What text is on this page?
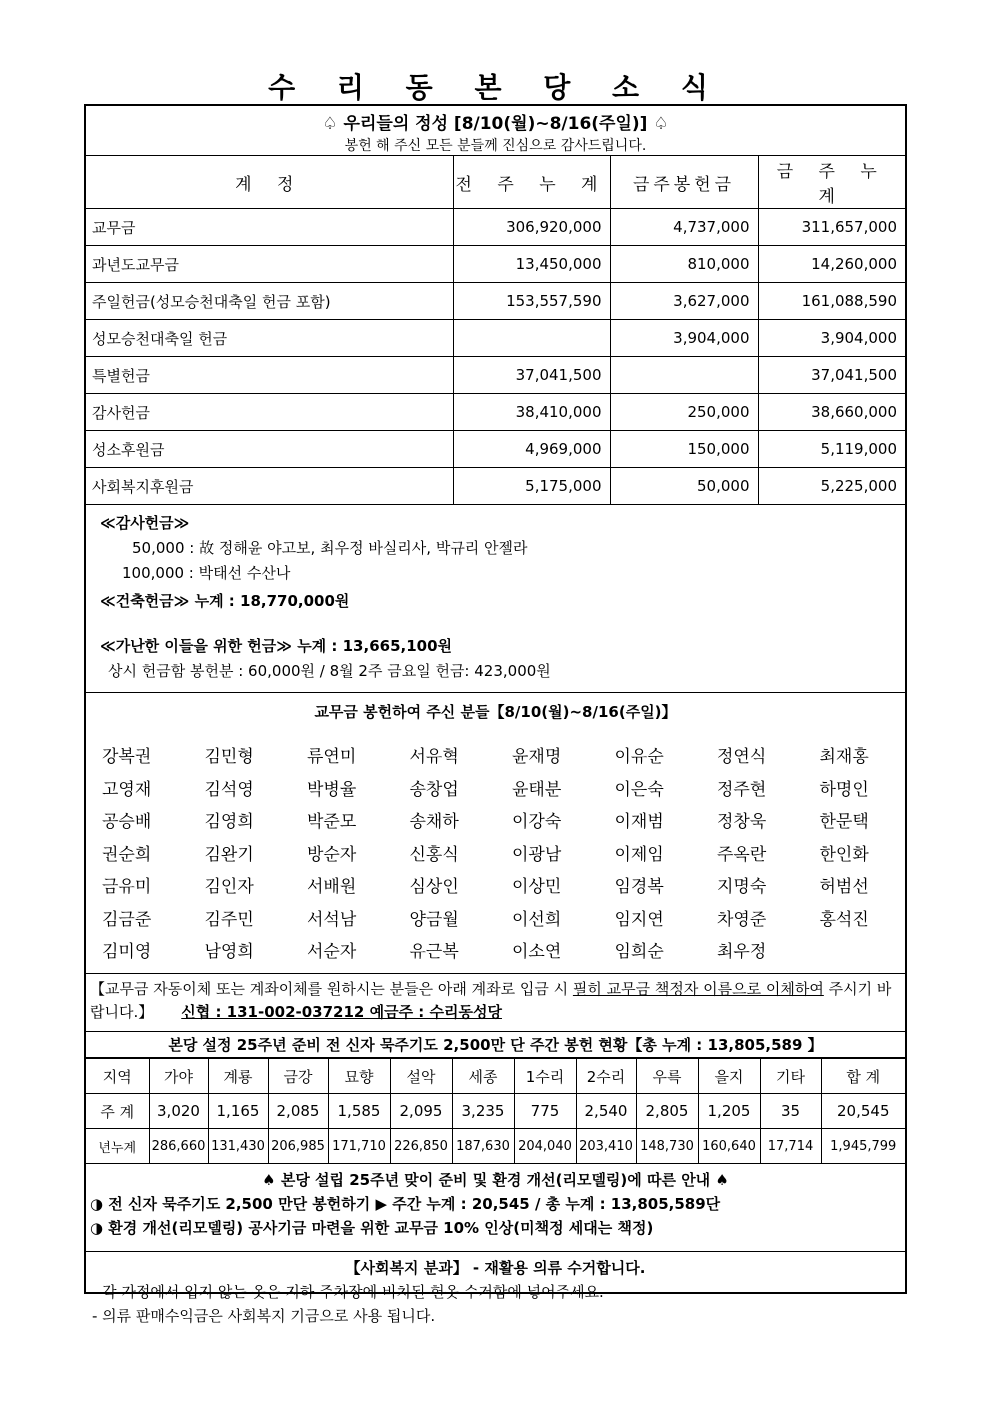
수 리 동 본 당 소 식
♤ 우리들의 정성 [8/10(월)~8/16(주일)] ♤
봉헌 해 주신 모든 분들께 진심으로 감사드립니다.
계 정	전 주 누 계	금주봉헌금	금 주 누 계
교무금	306,920,000	4,737,000	311,657,000
과년도교무금	13,450,000	810,000	14,260,000
주일헌금(성모승천대축일 헌금 포함)	153,557,590	3,627,000	161,088,590
성모승천대축일 헌금		3,904,000	3,904,000
특별헌금	37,041,500		37,041,500
감사헌금	38,410,000	250,000	38,660,000
성소후원금	4,969,000	150,000	5,119,000
사회복지후원금	5,175,000	50,000	5,225,000
≪감사헌금≫
50,000 : 故 정해윤 야고보, 최우정 바실리사, 박규리 안젤라
100,000 : 박태선 수산나
≪건축헌금≫ 누계 : 18,770,000원
≪가난한 이들을 위한 헌금≫ 누계 : 13,665,100원
상시 헌금함 봉헌분 : 60,000원 / 8월 2주 금요일 헌금: 423,000원
교무금 봉헌하여 주신 분들【8/10(월)~8/16(주일)】
강복권	김민형	류연미	서유혁	윤재명	이유순	정연식	최재홍
고영재	김석영	박병율	송창업	윤태분	이은숙	정주현	하명인
공승배	김영희	박준모	송채하	이강숙	이재범	정창욱	한문택
권순희	김완기	방순자	신홍식	이광남	이제임	주옥란	한인화
금유미	김인자	서배원	심상인	이상민	임경복	지명숙	허범선
김금준	김주민	서석남	양금월	이선희	임지연	차영준	홍석진
김미영	남영희	서순자	유근복	이소연	임희순	최우정
【교무금 자동이체 또는 계좌이체를 원하시는 분들은 아래 계좌로 입금 시 필히 교무금 책정자 이름으로 이체하여 주시기 바랍니다.】 신협 : 131-002-037212 예금주 : 수리동성당
본당 설정 25주년 준비 전 신자 묵주기도 2,500만 단 주간 봉헌 현황【총 누계 : 13,805,589 】
지역	가야	계룡	금강	묘향	설악	세종	1수리	2수리	우륵	을지	기타	합 계
주 계	3,020	1,165	2,085	1,585	2,095	3,235	775	2,540	2,805	1,205	35	20,545
년누계	286,660	131,430	206,985	171,710	226,850	187,630	204,040	203,410	148,730	160,640	17,714	1,945,799
♠ 본당 설립 25주년 맞이 준비 및 환경 개선(리모델링)에 따른 안내 ♠
◑ 전 신자 묵주기도 2,500 만단 봉헌하기 ▶ 주간 누계 : 20,545 / 총 누계 : 13,805,589단
◑ 환경 개선(리모델링) 공사기금 마련을 위한 교무금 10% 인상(미책정 세대는 책정)
【사회복지 분과】 - 재활용 의류 수거합니다.
- 각 가정에서 입지 않는 옷은 지하 주차장에 비치된 헌옷 수거함에 넣어주세요.
- 의류 판매수익금은 사회복지 기금으로 사용 됩니다.
